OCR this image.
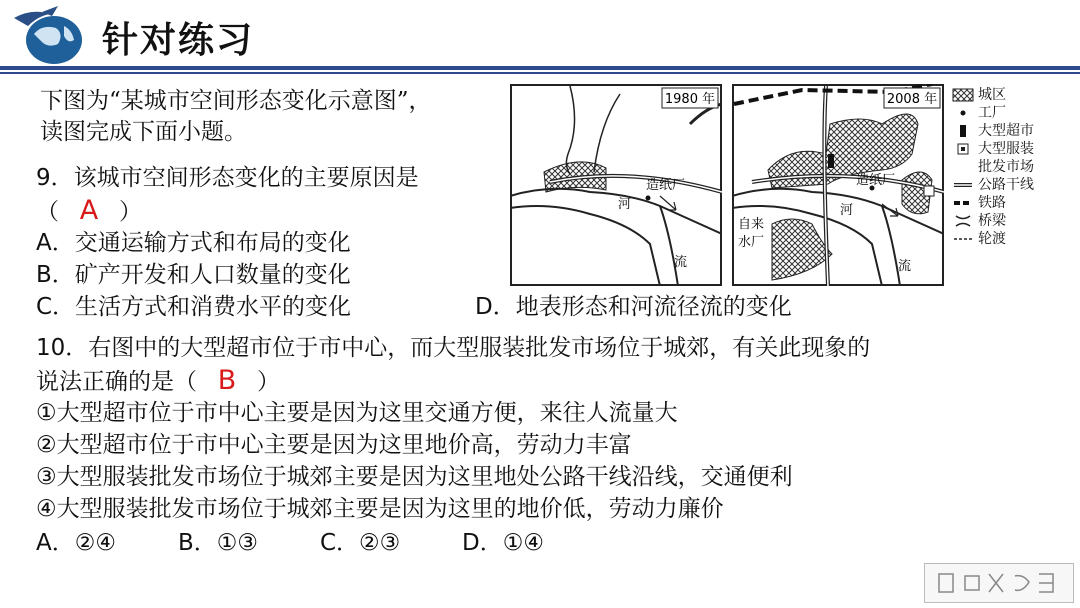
针对练习
下图为“某城市空间形态变化示意图”，
读图完成下面小题。
9．该城市空间形态变化的主要原因是
（ A ）
A．交通运输方式和布局的变化
B．矿产开发和人口数量的变化
C．生活方式和消费水平的变化	D．地表形态和河流径流的变化
10．右图中的大型超市位于市中心，而大型服装批发市场位于城郊，有关此现象的
说法正确的是（ B ）
①大型超市位于市中心主要是因为这里交通方便，来往人流量大
②大型超市位于市中心主要是因为这里地价高，劳动力丰富
③大型服装批发市场位于城郊主要是因为这里地处公路干线沿线，交通便利
④大型服装批发市场位于城郊主要是因为这里的地价低，劳动力廉价
A．②④	B．①③	C．②③	D．①④
1980 年
造纸厂
河
流
2008 年
造纸厂
河
流
自来
水厂
城区
工厂
大型超市
大型服装
批发市场
公路干线
铁路
桥梁
轮渡
